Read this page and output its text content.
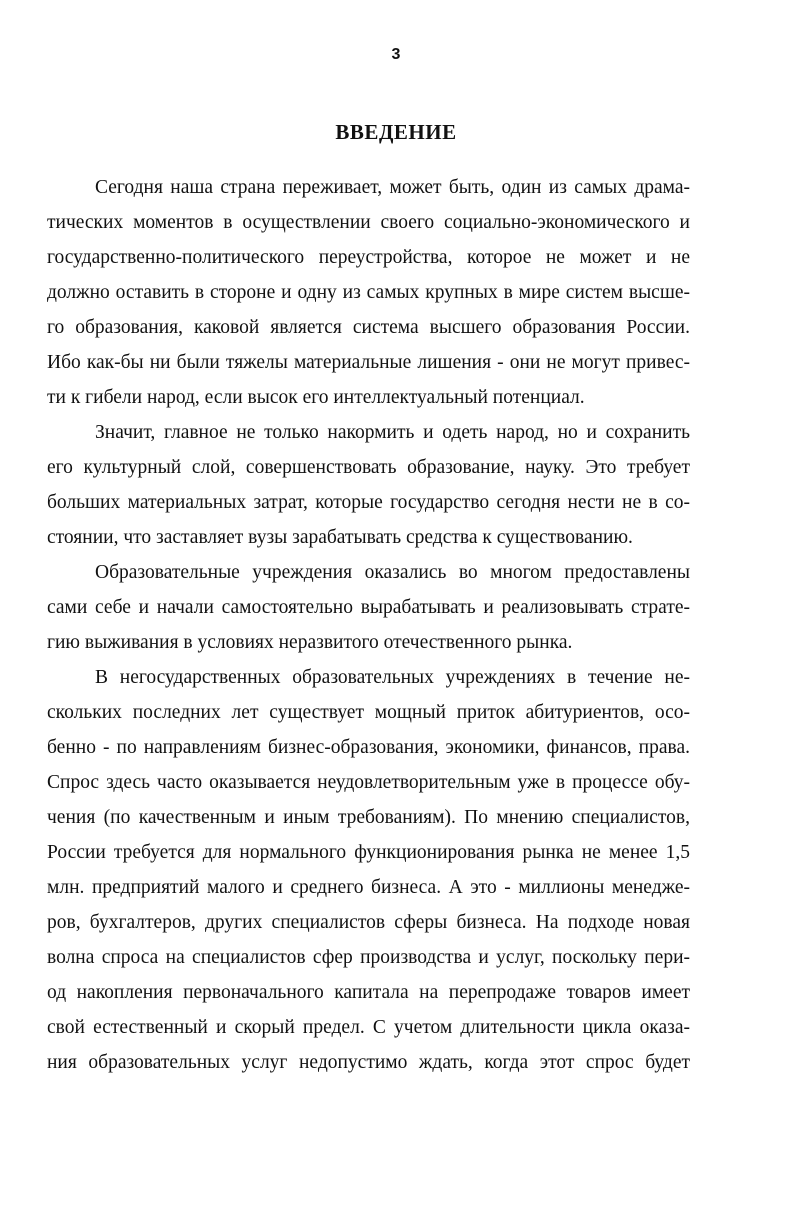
3
ВВЕДЕНИЕ
Сегодня наша страна переживает, может быть, один из самых драма-
тических моментов в осуществлении своего социально-экономического и
государственно-политического переустройства, которое не может и не
должно оставить в стороне и одну из самых крупных в мире систем высше-
го образования, каковой является система высшего образования России.
Ибо как-бы ни были тяжелы материальные лишения - они не могут привес-
ти к гибели народ, если высок его интеллектуальный потенциал.
Значит, главное не только накормить и одеть народ, но и сохранить
его культурный слой, совершенствовать образование, науку. Это требует
больших материальных затрат, которые государство сегодня нести не в со-
стоянии, что заставляет вузы зарабатывать средства к существованию.
Образовательные учреждения оказались во многом предоставлены
сами себе и начали самостоятельно вырабатывать и реализовывать страте-
гию выживания в условиях неразвитого отечественного рынка.
В негосударственных образовательных учреждениях в течение не-
скольких последних лет существует мощный приток абитуриентов, осо-
бенно - по направлениям бизнес-образования, экономики, финансов, права.
Спрос здесь часто оказывается неудовлетворительным уже в процессе обу-
чения (по качественным и иным требованиям). По мнению специалистов,
России требуется для нормального функционирования рынка не менее 1,5
млн. предприятий малого и среднего бизнеса. А это - миллионы менедже-
ров, бухгалтеров, других специалистов сферы бизнеса. На подходе новая
волна спроса на специалистов сфер производства и услуг, поскольку пери-
од накопления первоначального капитала на перепродаже товаров имеет
свой естественный и скорый предел. С учетом длительности цикла оказа-
ния образовательных услуг недопустимо ждать, когда этот спрос будет
